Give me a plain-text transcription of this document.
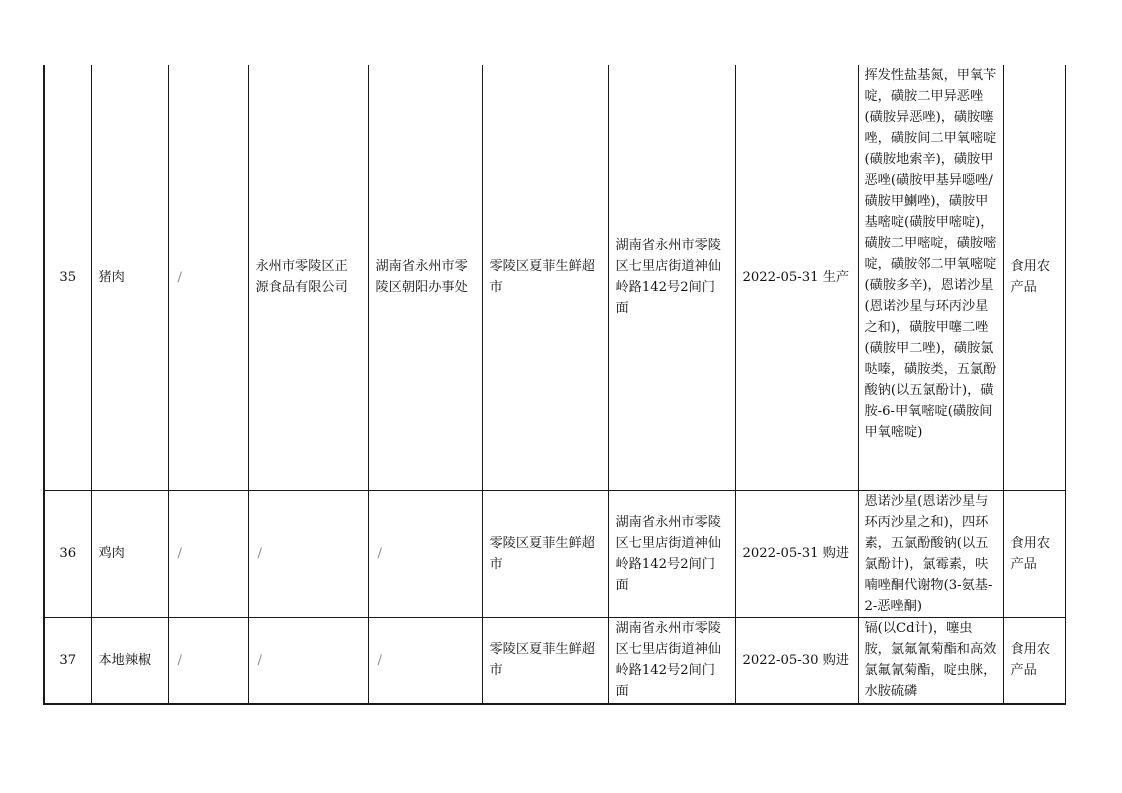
35	猪肉	/	永州市零陵区正源食品有限公司	湖南省永州市零陵区朝阳办事处	零陵区夏菲生鲜超市	湖南省永州市零陵区七里店街道神仙岭路142号2间门面	2022-05-31 生产	挥发性盐基氮，甲氧苄啶，磺胺二甲异恶唑(磺胺异恶唑)，磺胺噻唑，磺胺间二甲氧嘧啶(磺胺地索辛)，磺胺甲恶唑(磺胺甲基异噁唑/磺胺甲鯻唑)，磺胺甲基嘧啶(磺胺甲嘧啶)，磺胺二甲嘧啶，磺胺嘧啶，磺胺邻二甲氧嘧啶(磺胺多辛)，恩诺沙星(恩诺沙星与环丙沙星之和)，磺胺甲噻二唑(磺胺甲二唑)，磺胺氯哒嗪，磺胺类，五氯酚酸钠(以五氯酚计)，磺胺-6-甲氧嘧啶(磺胺间甲氧嘧啶)	食用农产品
36	鸡肉	/	/	/	零陵区夏菲生鲜超市	湖南省永州市零陵区七里店街道神仙岭路142号2间门面	2022-05-31 购进	恩诺沙星(恩诺沙星与环丙沙星之和)，四环素，五氯酚酸钠(以五氯酚计)，氯霉素，呋喃唑酮代谢物(3-氨基-2-恶唑酮)	食用农产品
37	本地辣椒	/	/	/	零陵区夏菲生鲜超市	湖南省永州市零陵区七里店街道神仙岭路142号2间门面	2022-05-30 购进	镉(以Cd计)，噻虫胺，氯氟氰菊酯和高效氯氟氰菊酯，啶虫脒，水胺硫磷	食用农产品
